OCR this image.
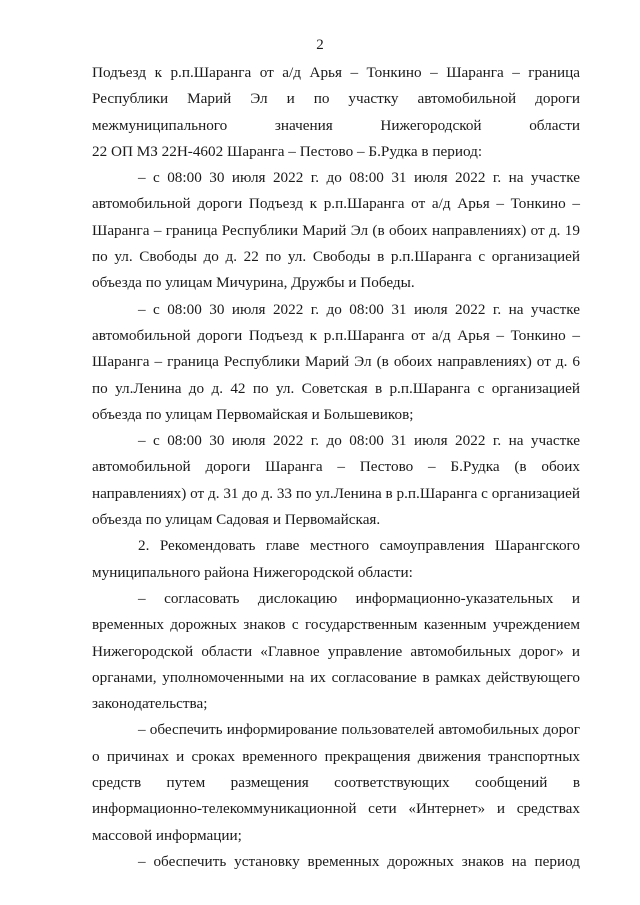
2

Подъезд к р.п.Шаранга от а/д Арья – Тонкино – Шаранга – граница Республики Марий Эл и по участку автомобильной дороги межмуниципального значения Нижегородской области

22 ОП МЗ 22Н-4602 Шаранга – Пестово – Б.Рудка в период:

– с 08:00 30 июля 2022 г. до 08:00 31 июля 2022 г. на участке автомобильной дороги Подъезд к р.п.Шаранга от а/д Арья – Тонкино – Шаранга – граница Республики Марий Эл (в обоих направлениях) от д. 19 по ул. Свободы до д. 22 по ул. Свободы в р.п.Шаранга с организацией объезда по улицам Мичурина, Дружбы и Победы.

– с 08:00 30 июля 2022 г. до 08:00 31 июля 2022 г. на участке автомобильной дороги Подъезд к р.п.Шаранга от а/д Арья – Тонкино – Шаранга – граница Республики Марий Эл (в обоих направлениях) от д. 6 по ул.Ленина до д. 42 по ул. Советская в р.п.Шаранга с организацией объезда по улицам Первомайская и Большевиков;

– с 08:00 30 июля 2022 г. до 08:00 31 июля 2022 г. на участке автомобильной дороги Шаранга – Пестово – Б.Рудка (в обоих направлениях) от д. 31 до д. 33 по ул.Ленина в р.п.Шаранга с организацией объезда по улицам Садовая и Первомайская.

2. Рекомендовать главе местного самоуправления Шарангского муниципального района Нижегородской области:

– согласовать дислокацию информационно-указательных и временных дорожных знаков с государственным казенным учреждением Нижегородской области «Главное управление автомобильных дорог» и органами, уполномоченными на их согласование в рамках действующего законодательства;

– обеспечить информирование пользователей автомобильных дорог о причинах и сроках временного прекращения движения транспортных средств путем размещения соответствующих сообщений в информационно-телекоммуникационной сети «Интернет» и средствах массовой информации;

– обеспечить установку временных дорожных знаков на период
